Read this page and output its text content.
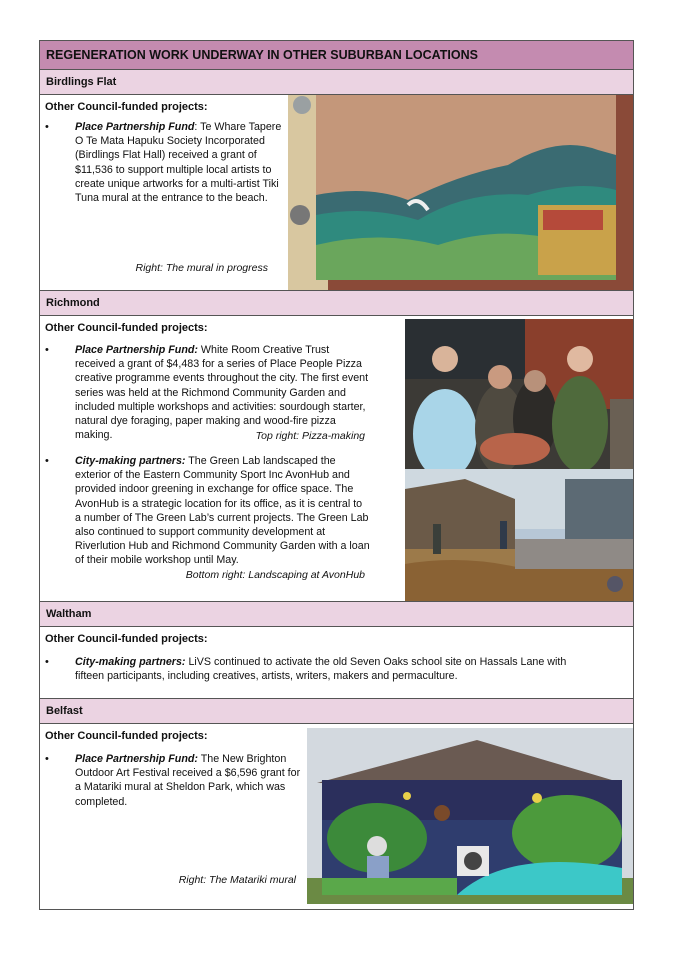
REGENERATION WORK UNDERWAY IN OTHER SUBURBAN LOCATIONS
Birdlings Flat
Other Council-funded projects:
• Place Partnership Fund: Te Whare Tapere O Te Mata Hapuku Society Incorporated (Birdlings Flat Hall) received a grant of $11,536 to support multiple local artists to create unique artworks for a multi-artist Tiki Tuna mural at the entrance to the beach.
Right: The mural in progress
Richmond
Other Council-funded projects:
• Place Partnership Fund: White Room Creative Trust received a grant of $4,483 for a series of Place People Pizza creative programme events throughout the city. The first event series was held at the Richmond Community Garden and included multiple workshops and activities: sourdough starter, natural dye foraging, paper making and wood-fire pizza making.	Top right: Pizza-making
• City-making partners: The Green Lab landscaped the exterior of the Eastern Community Sport Inc AvonHub and provided indoor greening in exchange for office space. The AvonHub is a strategic location for its office, as it is central to a number of The Green Lab’s current projects. The Green Lab also continued to support community development at Riverlution Hub and Richmond Community Garden with a loan of their mobile workshop until May.
Bottom right: Landscaping at AvonHub
Waltham
Other Council-funded projects:
• City-making partners: LiVS continued to activate the old Seven Oaks school site on Hassals Lane with fifteen participants, including creatives, artists, writers, makers and permaculture.
Belfast
Other Council-funded projects:
• Place Partnership Fund: The New Brighton Outdoor Art Festival received a $6,596 grant for a Matariki mural at Sheldon Park, which was completed.
Right: The Matariki mural
